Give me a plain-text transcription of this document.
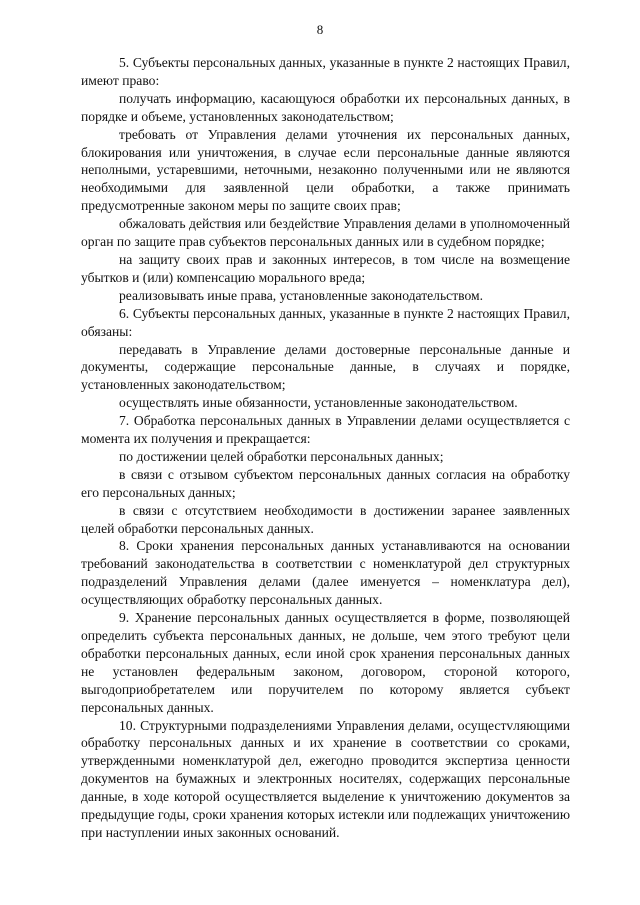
8

5. Субъекты персональных данных, указанные в пункте 2 настоящих Правил, имеют право:

получать информацию, касающуюся обработки их персональных данных, в порядке и объеме, установленных законодательством;

требовать от Управления делами уточнения их персональных данных, блокирования или уничтожения, в случае если персональные данные являются неполными, устаревшими, неточными, незаконно полученными или не являются необходимыми для заявленной цели обработки, а также принимать предусмотренные законом меры по защите своих прав;

обжаловать действия или бездействие Управления делами в уполномоченный орган по защите прав субъектов персональных данных или в судебном порядке;

на защиту своих прав и законных интересов, в том числе на возмещение убытков и (или) компенсацию морального вреда;

реализовывать иные права, установленные законодательством.

6. Субъекты персональных данных, указанные в пункте 2 настоящих Правил, обязаны:

передавать в Управление делами достоверные персональные данные и документы, содержащие персональные данные, в случаях и порядке, установленных законодательством;

осуществлять иные обязанности, установленные законодательством.

7. Обработка персональных данных в Управлении делами осуществляется с момента их получения и прекращается:

по достижении целей обработки персональных данных;

в связи с отзывом субъектом персональных данных согласия на обработку его персональных данных;

в связи с отсутствием необходимости в достижении заранее заявленных целей обработки персональных данных.

8. Сроки хранения персональных данных устанавливаются на основании требований законодательства в соответствии с номенклатурой дел структурных подразделений Управления делами (далее именуется – номенклатура дел), осуществляющих обработку персональных данных.

9. Хранение персональных данных осуществляется в форме, позволяющей определить субъекта персональных данных, не дольше, чем этого требуют цели обработки персональных данных, если иной срок хранения персональных данных не установлен федеральным законом, договором, стороной которого, выгодоприобретателем или поручителем по которому является субъект персональных данных.

10. Структурными подразделениями Управления делами, осущестvляющими обработку персональных данных и их хранение в соответствии со сроками, утвержденными номенклатурой дел, ежегодно проводится экспертиза ценности документов на бумажных и электронных носителях, содержащих персональные данные, в ходе которой осуществляется выделение к уничтожению документов за предыдущие годы, сроки хранения которых истекли или подлежащих уничтожению при наступлении иных законных оснований.
